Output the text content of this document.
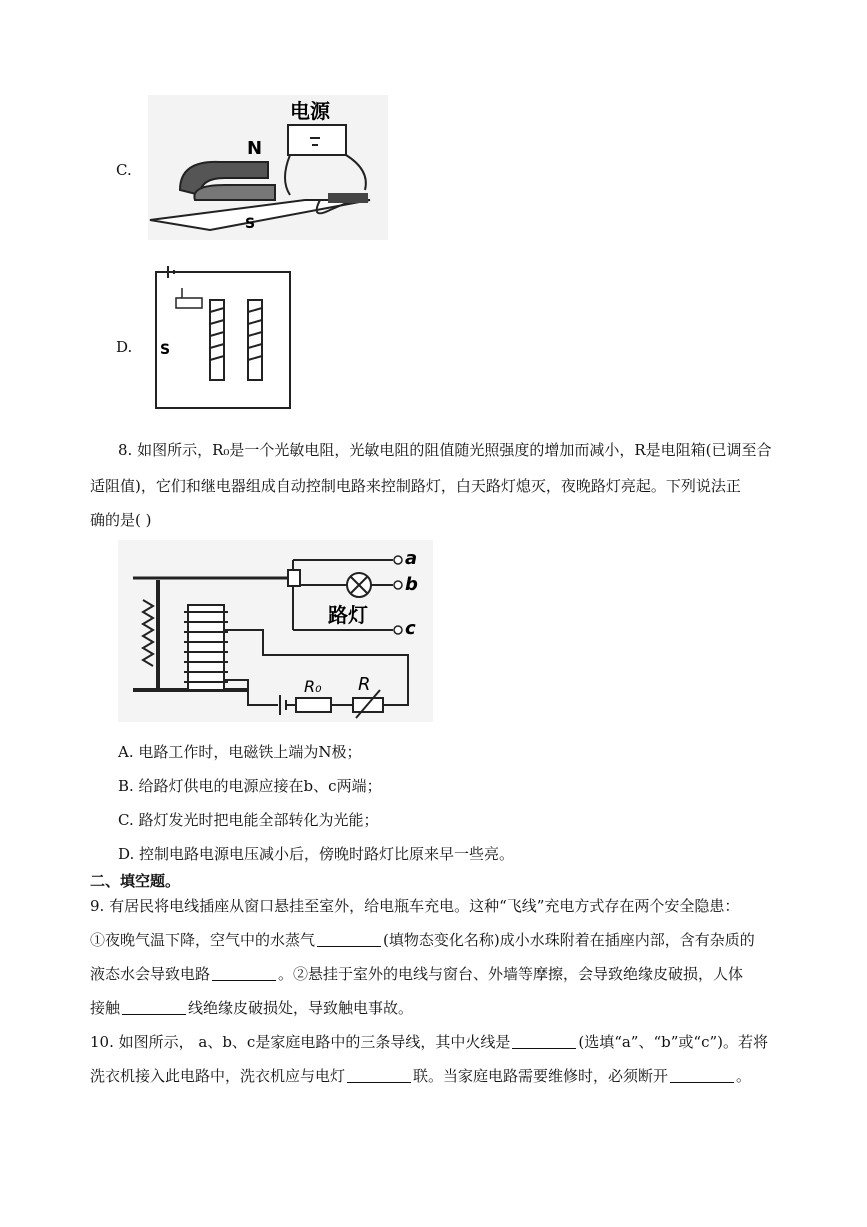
C.
电源
N
S
D. S
8. 如图所示，R₀是一个光敏电阻，光敏电阻的阻值随光照强度的增加而减小，R是电阻箱(已调至合
适阻值)，它们和继电器组成自动控制电路来控制路灯，白天路灯熄灭，夜晚路灯亮起。下列说法正
确的是( )
a
b
c
路灯
R₀ R
A. 电路工作时，电磁铁上端为N极；
B. 给路灯供电的电源应接在b、c两端；
C. 路灯发光时把电能全部转化为光能；
D. 控制电路电源电压减小后，傍晚时路灯比原来早一些亮。
二、填空题。
9. 有居民将电线插座从窗口悬挂至室外，给电瓶车充电。这种“飞线”充电方式存在两个安全隐患：
①夜晚气温下降，空气中的水蒸气	(填物态变化名称)成小水珠附着在插座内部，含有杂质的
液态水会导致电路	。②悬挂于室外的电线与窗台、外墙等摩擦，会导致绝缘皮破损，人体
接触	线绝缘皮破损处，导致触电事故。
10. 如图所示， a、b、c是家庭电路中的三条导线，其中火线是	(选填“a”、“b”或“c”)。若将
洗衣机接入此电路中，洗衣机应与电灯	联。当家庭电路需要维修时，必须断开	。
